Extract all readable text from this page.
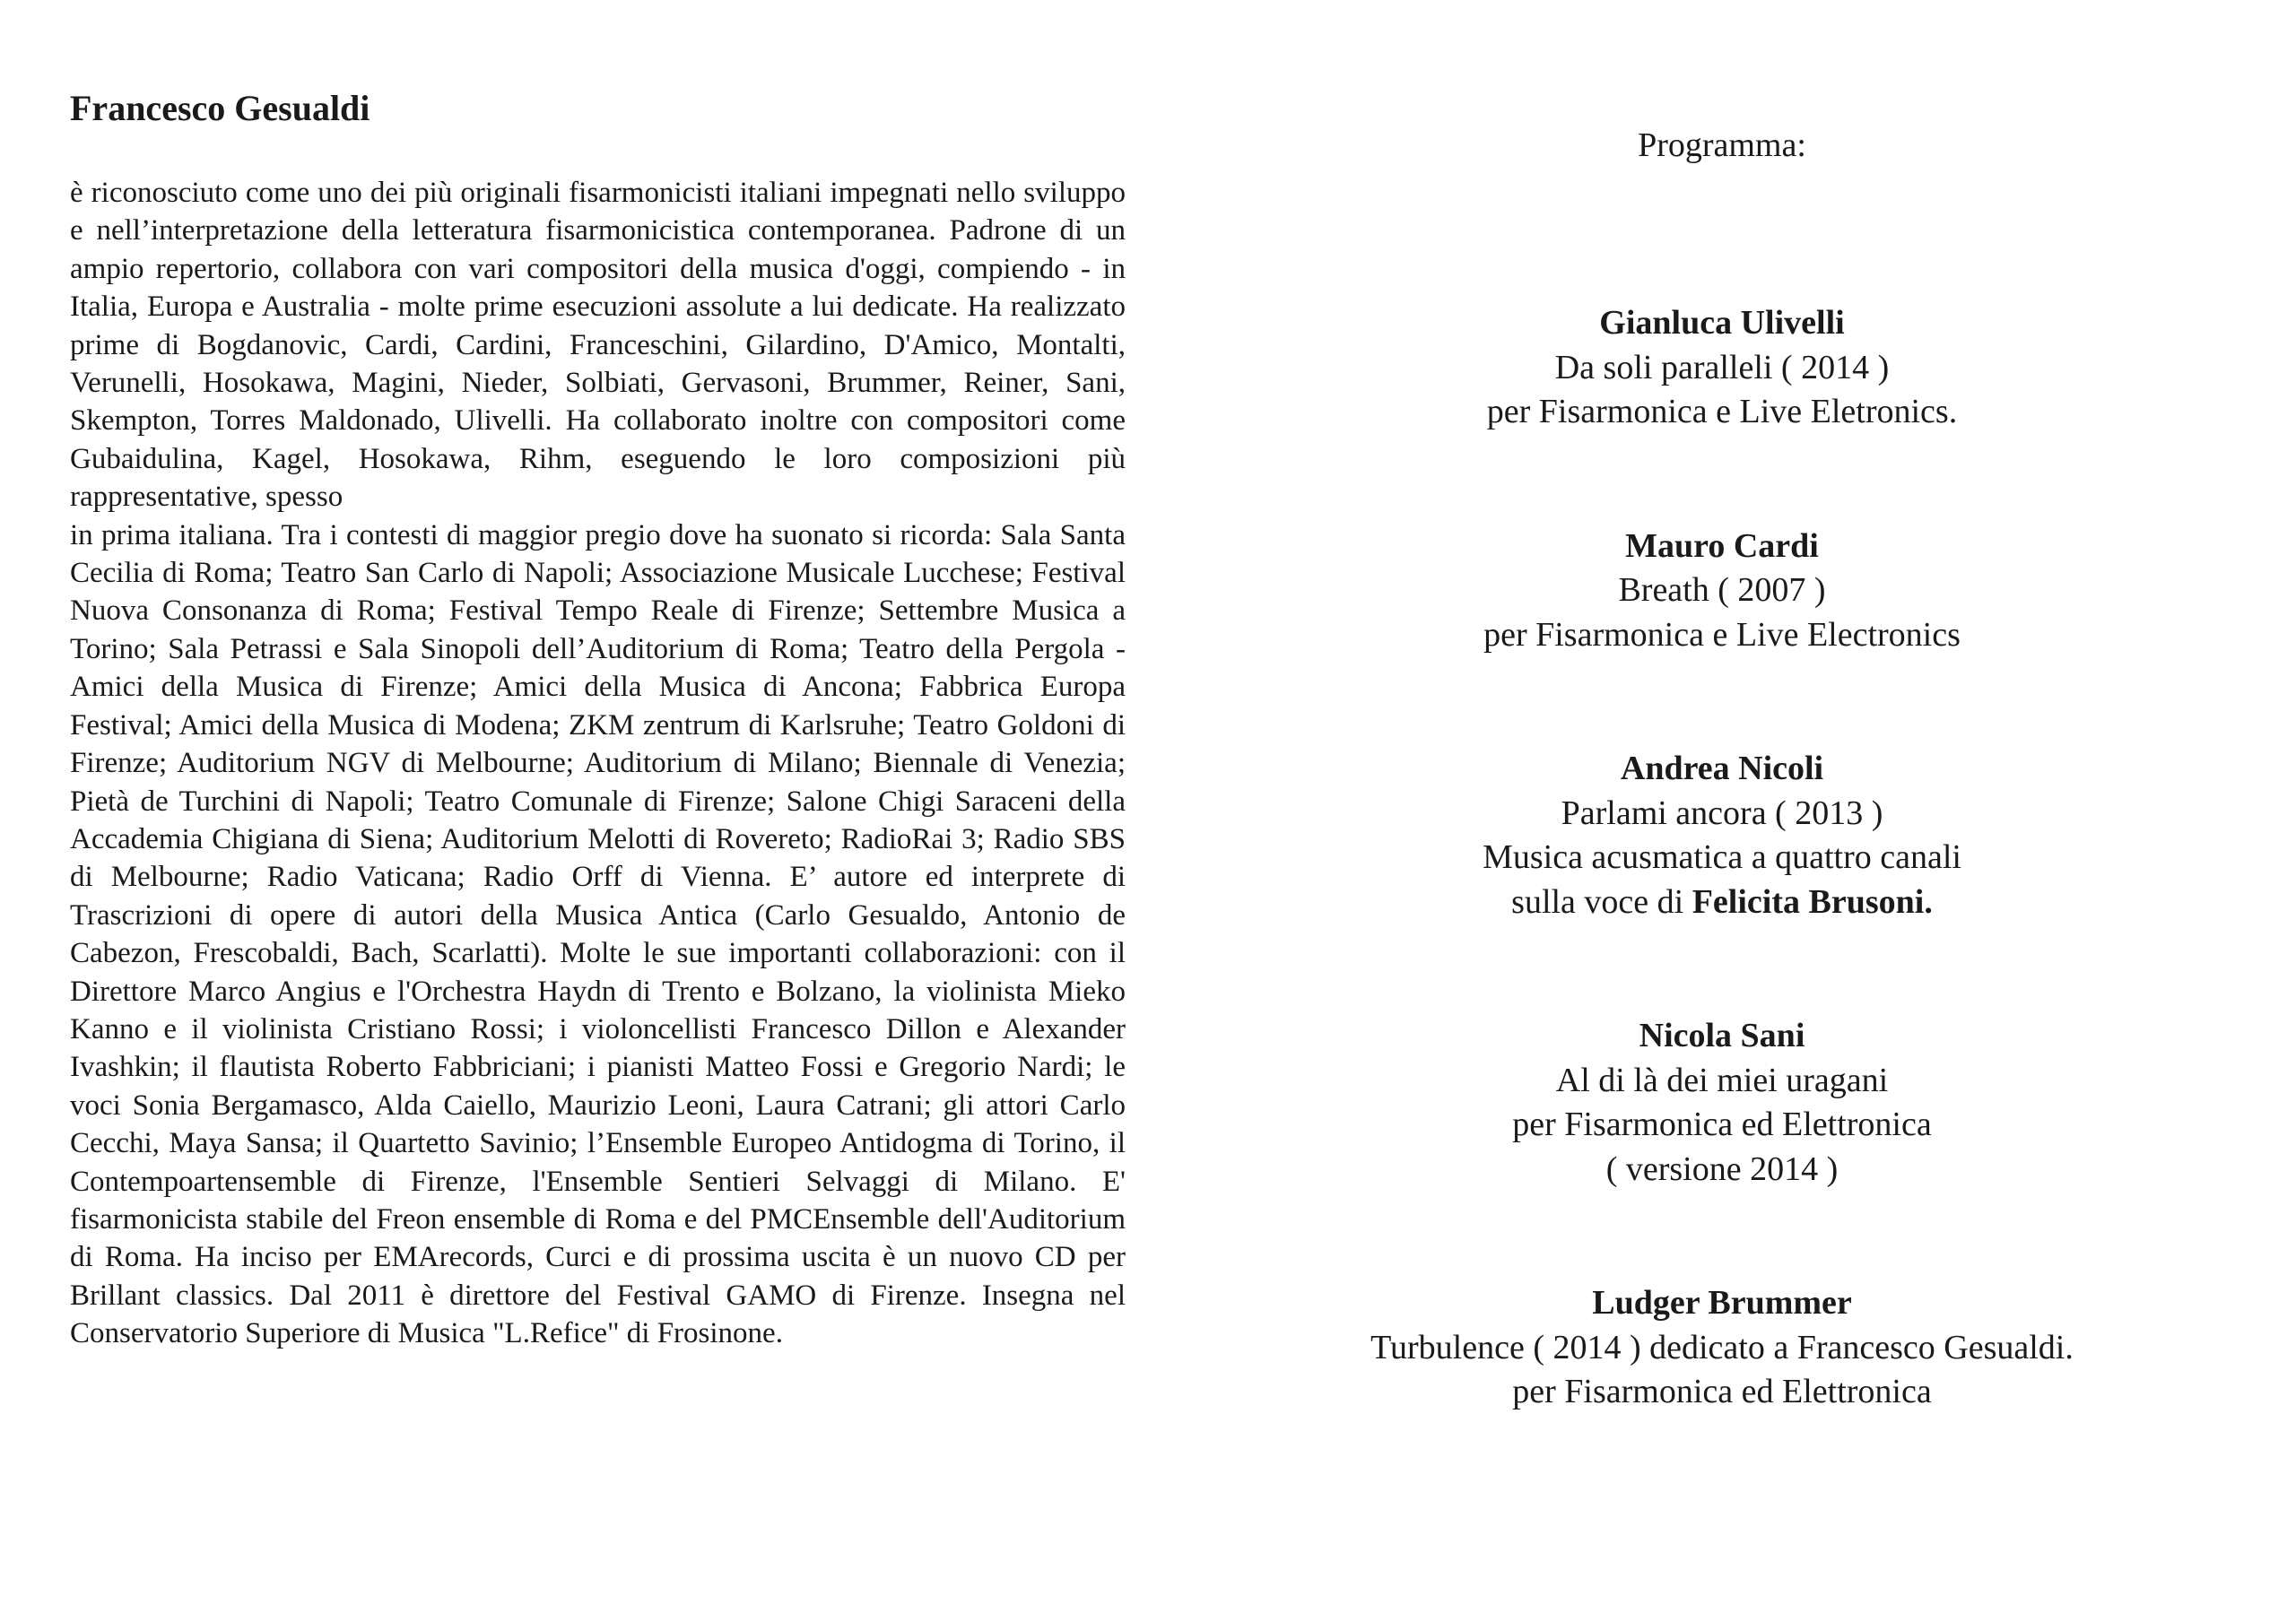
Francesco Gesualdi

è riconosciuto come uno dei più originali fisarmonicisti italiani impegnati nello sviluppo e nell’interpretazione della letteratura fisarmonicistica contemporanea. Padrone di un ampio repertorio, collabora con vari compositori della musica d'oggi, compiendo - in Italia, Europa e Australia - molte prime esecuzioni assolute a lui dedicate. Ha realizzato prime di Bogdanovic, Cardi, Cardini, Franceschini, Gilardino, D'Amico, Montalti, Verunelli, Hosokawa, Magini, Nieder, Solbiati, Gervasoni, Brummer, Reiner, Sani, Skempton, Torres Maldonado, Ulivelli. Ha collaborato inoltre con compositori come Gubaidulina, Kagel, Hosokawa, Rihm, eseguendo le loro composizioni più rappresentative, spesso
in prima italiana. Tra i contesti di maggior pregio dove ha suonato si ricorda: Sala Santa Cecilia di Roma; Teatro San Carlo di Napoli; Associazione Musicale Lucchese; Festival Nuova Consonanza di Roma; Festival Tempo Reale di Firenze; Settembre Musica a Torino; Sala Petrassi e Sala Sinopoli dell’Auditorium di Roma; Teatro della Pergola - Amici della Musica di Firenze; Amici della Musica di Ancona; Fabbrica Europa Festival; Amici della Musica di Modena; ZKM zentrum di Karlsruhe; Teatro Goldoni di Firenze; Auditorium NGV di Melbourne; Auditorium di Milano; Biennale di Venezia; Pietà de Turchini di Napoli; Teatro Comunale di Firenze; Salone Chigi Saraceni della Accademia Chigiana di Siena; Auditorium Melotti di Rovereto; RadioRai 3; Radio SBS di Melbourne; Radio Vaticana; Radio Orff di Vienna. E’ autore ed interprete di Trascrizioni di opere di autori della Musica Antica (Carlo Gesualdo, Antonio de Cabezon, Frescobaldi, Bach, Scarlatti). Molte le sue importanti collaborazioni: con il Direttore Marco Angius e l'Orchestra Haydn di Trento e Bolzano, la violinista Mieko Kanno e il violinista Cristiano Rossi; i violoncellisti Francesco Dillon e Alexander Ivashkin; il flautista Roberto Fabbriciani; i pianisti Matteo Fossi e Gregorio Nardi; le voci Sonia Bergamasco, Alda Caiello, Maurizio Leoni, Laura Catrani; gli attori Carlo Cecchi, Maya Sansa; il Quartetto Savinio; l’Ensemble Europeo Antidogma di Torino, il Contempoartensemble di Firenze, l'Ensemble Sentieri Selvaggi di Milano. E' fisarmonicista stabile del Freon ensemble di Roma e del PMCEnsemble dell'Auditorium di Roma. Ha inciso per EMArecords, Curci e di prossima uscita è un nuovo CD per Brillant classics. Dal 2011 è direttore del Festival GAMO di Firenze. Insegna nel Conservatorio Superiore di Musica "L.Refice" di Frosinone.

Programma:
Gianluca Ulivelli
Da soli paralleli ( 2014 )
per Fisarmonica e Live Eletronics.
Mauro Cardi
Breath ( 2007 )
per Fisarmonica e Live Electronics
Andrea Nicoli
Parlami ancora ( 2013 )
Musica acusmatica a quattro canali
sulla voce di Felicita Brusoni.
Nicola Sani
Al di là dei miei uragani
per Fisarmonica ed Elettronica
( versione 2014 )
Ludger Brummer
Turbulence ( 2014 ) dedicato a Francesco Gesualdi.
per Fisarmonica ed Elettronica
